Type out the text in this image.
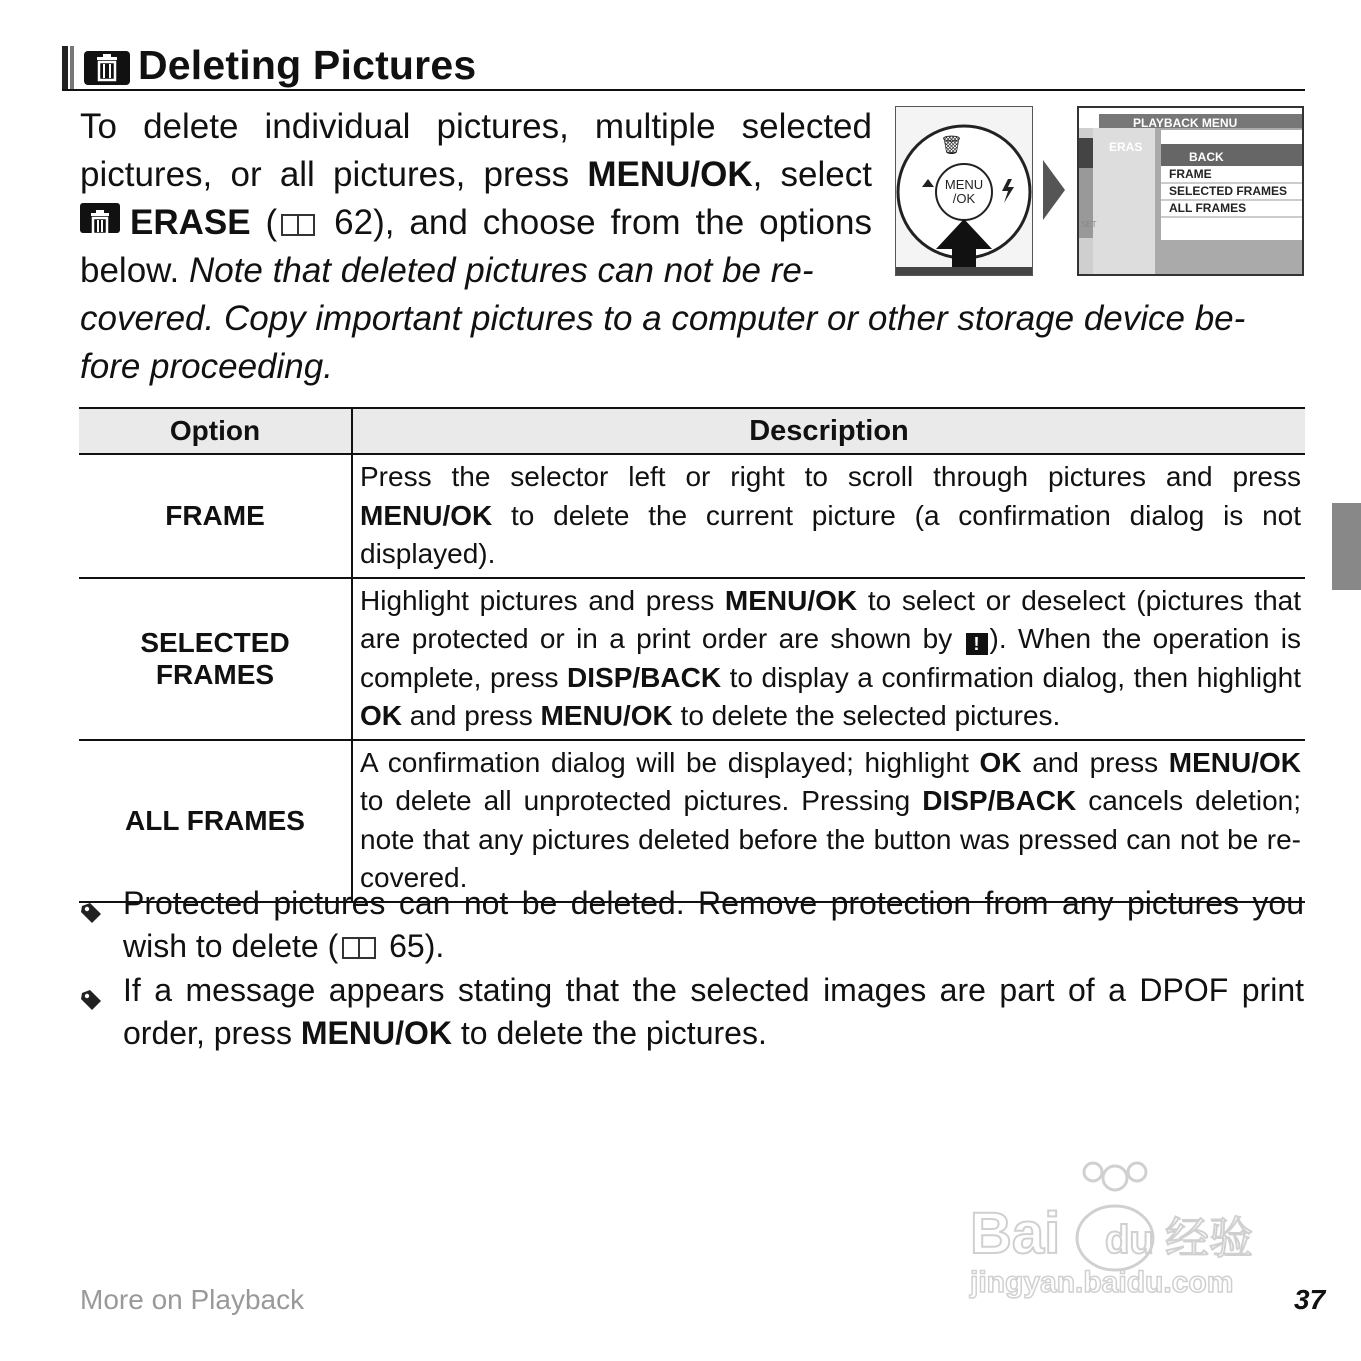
Deleting Pictures
To delete individual pictures, multiple selected pictures, or all pictures, press MENU/OK, select ERASE ( 62), and choose from the options below. Note that deleted pictures can not be re-
covered. Copy important pictures to a computer or other storage device be-fore proceeding.
MENU
/OK
🗑
PLAYBACK MENU
ERAS
SET
BACK
FRAME
SELECTED FRAMES
ALL FRAMES
Option	Description
FRAME	Press the selector left or right to scroll through pictures and press MENU/OK to delete the current picture (a confirmation dialog is not displayed).
SELECTED FRAMES	Highlight pictures and press MENU/OK to select or deselect (pictures that are protected or in a print order are shown by ! ). When the operation is complete, press DISP/BACK to display a confirmation dialog, then highlight OK and press MENU/OK to delete the selected pictures.
ALL FRAMES	A confirmation dialog will be displayed; highlight OK and press MENU/OK to delete all unprotected pictures. Pressing DISP/BACK cancels deletion; note that any pictures deleted before the button was pressed can not be re-covered.
Protected pictures can not be deleted. Remove protection from any pictures you wish to delete ( 65).
If a message appears stating that the selected images are part of a DPOF print order, press MENU/OK to delete the pictures.
Bai du 经验
jingyan.baidu.com
More on Playback	37
